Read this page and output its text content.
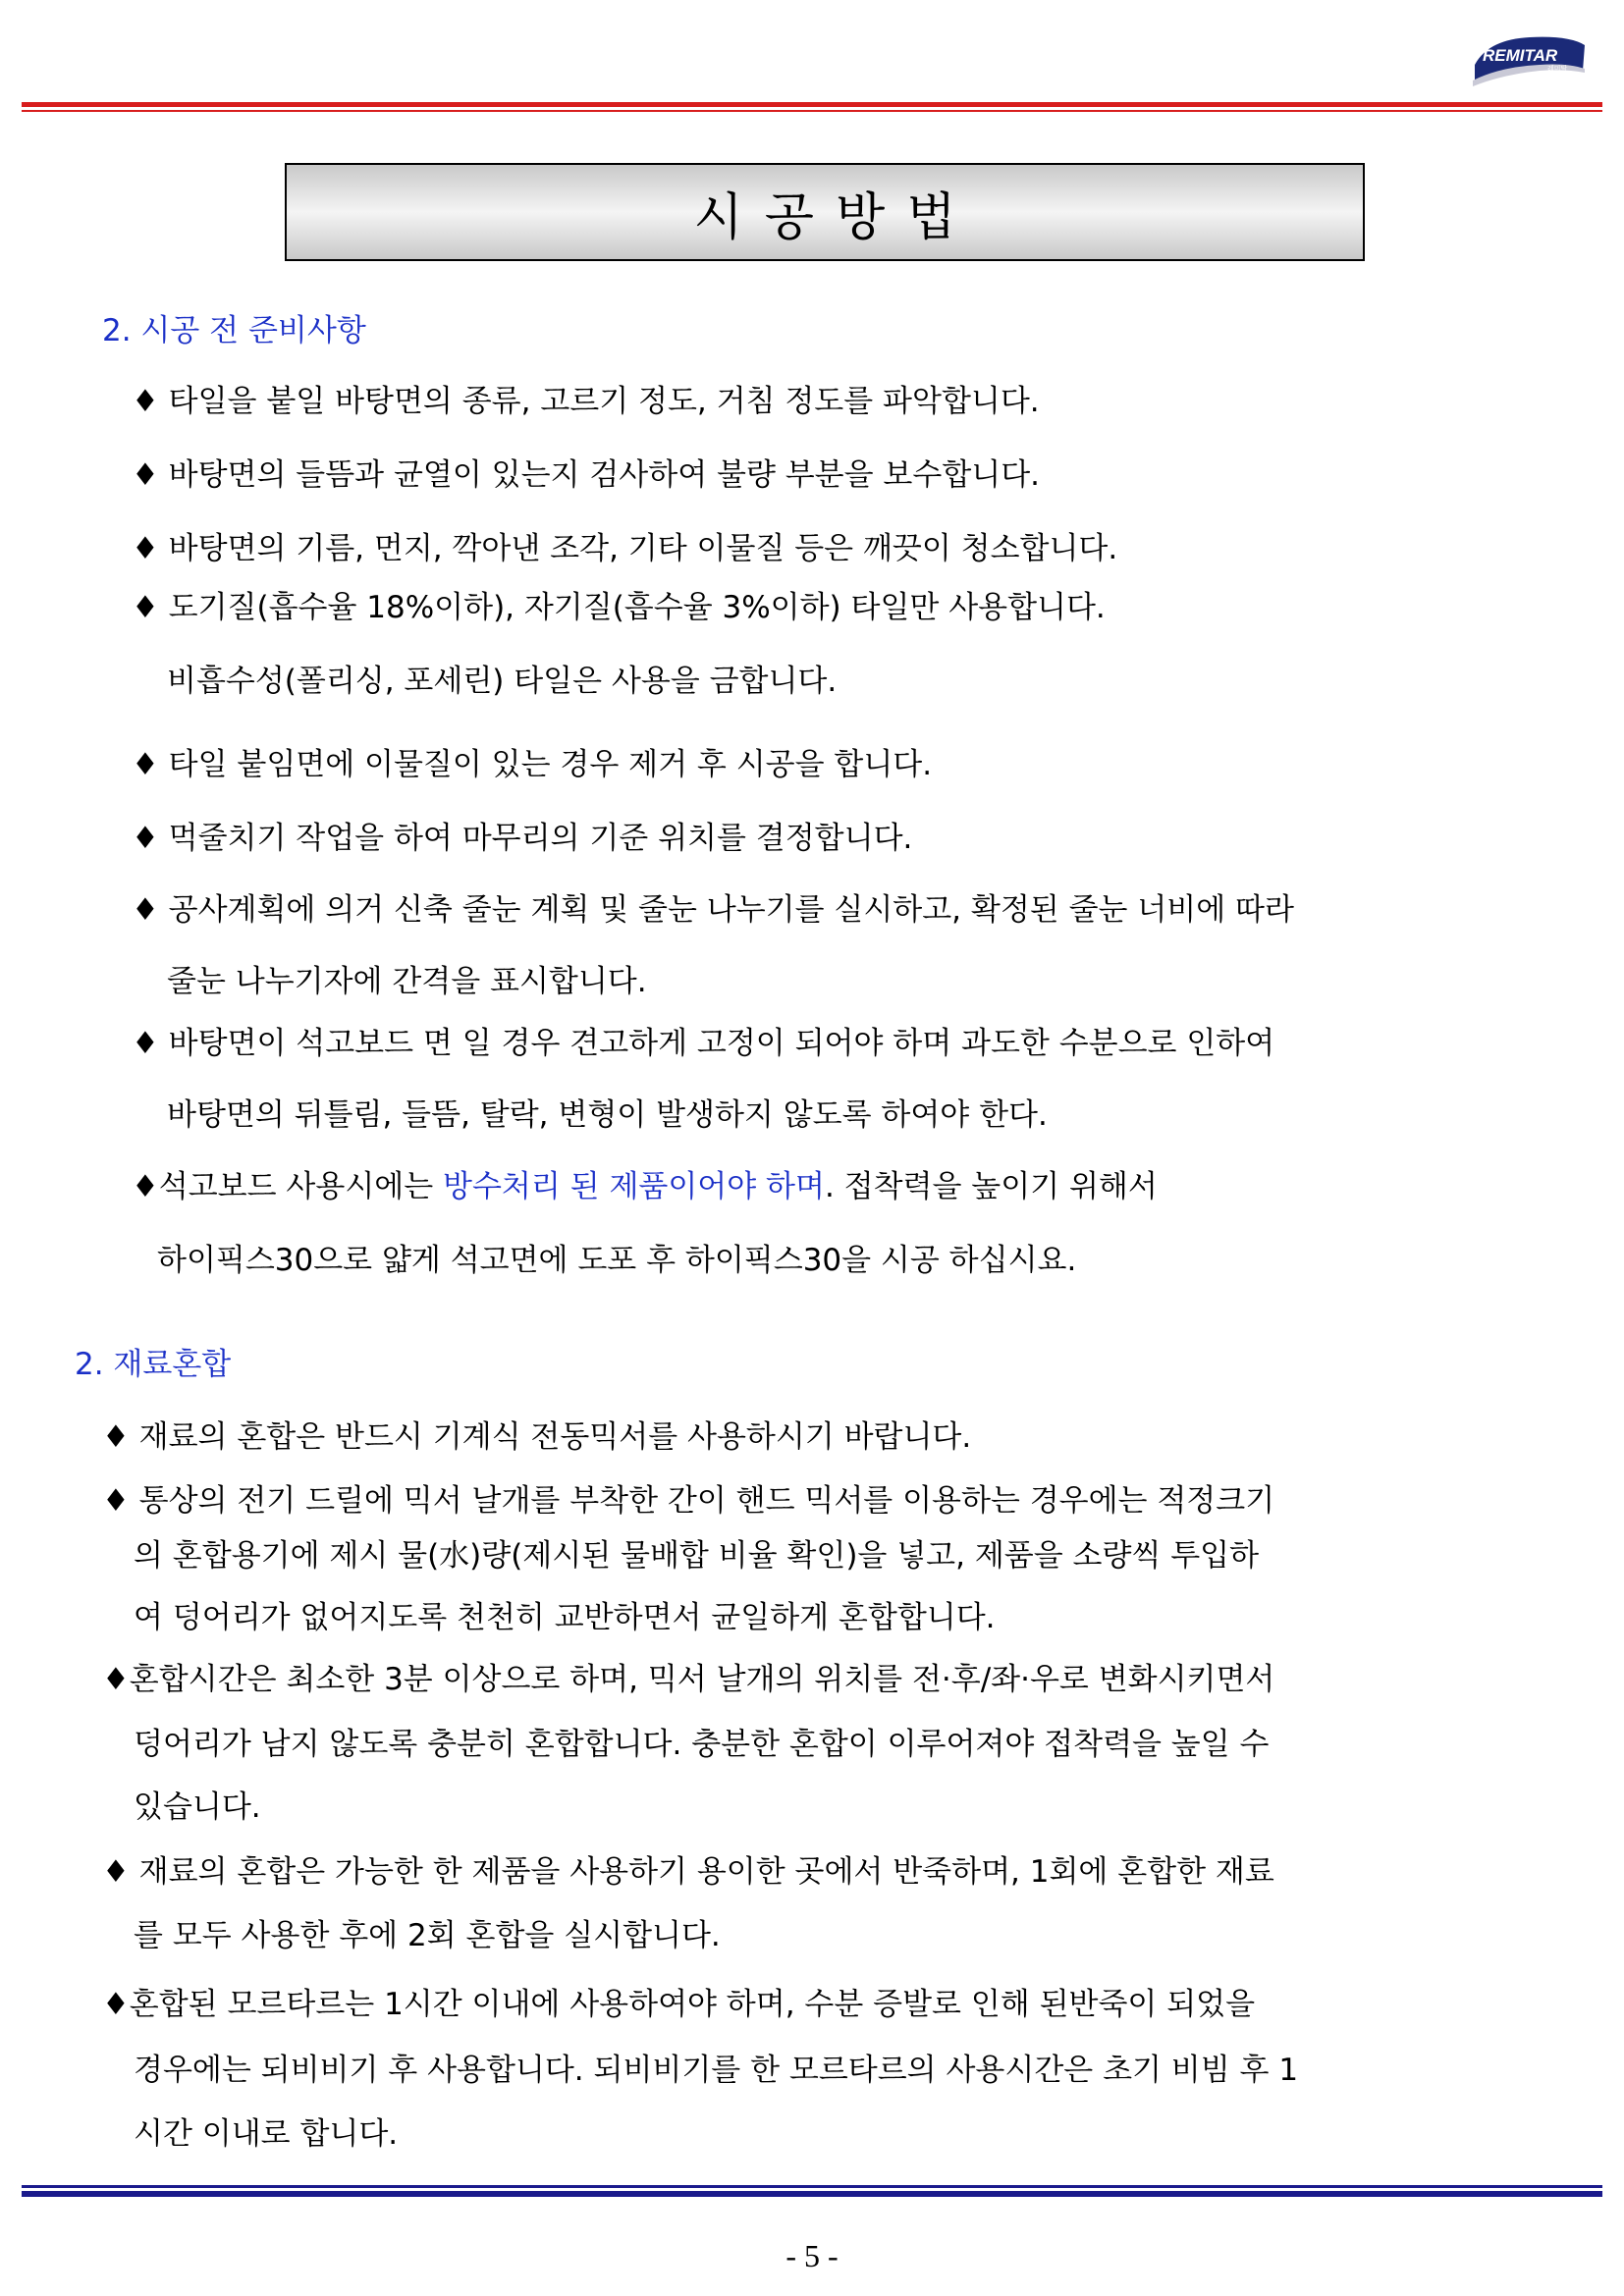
REMITAR
레미탈
시공방법
2. 시공 전 준비사항
♦ 타일을 붙일 바탕면의 종류, 고르기 정도, 거침 정도를 파악합니다.
♦ 바탕면의 들뜸과 균열이 있는지 검사하여 불량 부분을 보수합니다.
♦ 바탕면의 기름, 먼지, 깍아낸 조각, 기타 이물질 등은 깨끗이 청소합니다.
♦ 도기질(흡수율 18%이하), 자기질(흡수율 3%이하) 타일만 사용합니다.
비흡수성(폴리싱, 포세린) 타일은 사용을 금합니다.
♦ 타일 붙임면에 이물질이 있는 경우 제거 후 시공을 합니다.
♦ 먹줄치기 작업을 하여 마무리의 기준 위치를 결정합니다.
♦ 공사계획에 의거 신축 줄눈 계획 및 줄눈 나누기를 실시하고, 확정된 줄눈 너비에 따라
줄눈 나누기자에 간격을 표시합니다.
♦ 바탕면이 석고보드 면 일 경우 견고하게 고정이 되어야 하며 과도한 수분으로 인하여
바탕면의 뒤틀림, 들뜸, 탈락, 변형이 발생하지 않도록 하여야 한다.
♦석고보드 사용시에는 방수처리 된 제품이어야 하며. 접착력을 높이기 위해서
하이픽스30으로 얇게 석고면에 도포 후 하이픽스30을 시공 하십시요.
2. 재료혼합
♦ 재료의 혼합은 반드시 기계식 전동믹서를 사용하시기 바랍니다.
♦ 통상의 전기 드릴에 믹서 날개를 부착한 간이 핸드 믹서를 이용하는 경우에는 적정크기
의 혼합용기에 제시 물(水)량(제시된 물배합 비율 확인)을 넣고, 제품을 소량씩 투입하
여 덩어리가 없어지도록 천천히 교반하면서 균일하게 혼합합니다.
♦혼합시간은 최소한 3분 이상으로 하며, 믹서 날개의 위치를 전·후/좌·우로 변화시키면서
덩어리가 남지 않도록 충분히 혼합합니다. 충분한 혼합이 이루어져야 접착력을 높일 수
있습니다.
♦ 재료의 혼합은 가능한 한 제품을 사용하기 용이한 곳에서 반죽하며, 1회에 혼합한 재료
를 모두 사용한 후에 2회 혼합을 실시합니다.
♦혼합된 모르타르는 1시간 이내에 사용하여야 하며, 수분 증발로 인해 된반죽이 되었을
경우에는 되비비기 후 사용합니다. 되비비기를 한 모르타르의 사용시간은 초기 비빔 후 1
시간 이내로 합니다.
- 5 -
